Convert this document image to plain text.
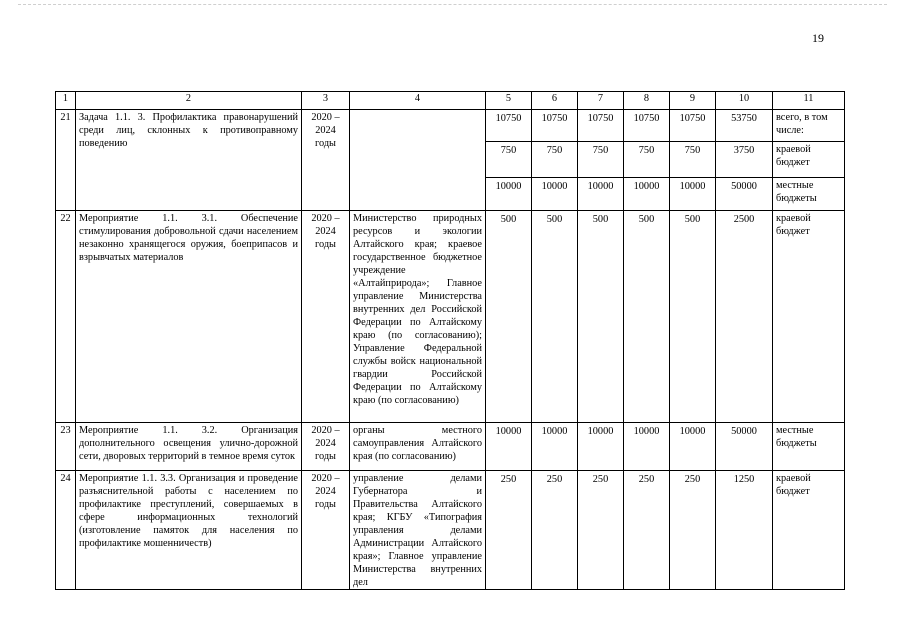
19
1	2	3	4	5	6	7	8	9	10	11
21	Задача 1.1. 3. Профилактика правонарушений среди лиц, склонных к противоправному поведению	2020 – 2024 годы		10750	10750	10750	10750	10750	53750	всего, в том числе:
				750	750	750	750	750	3750	краевой бюджет
				10000	10000	10000	10000	10000	50000	местные бюджеты
22	Мероприятие 1.1. 3.1. Обеспечение стимулирования добровольной сдачи населением незаконно хранящегося оружия, боеприпасов и взрывчатых материалов	2020 – 2024 годы	Министерство природных ресурсов и экологии Алтайского края; краевое государственное бюджетное учреждение «Алтайприрода»; Главное управление Министерства внутренних дел Российской Федерации по Алтайскому краю (по согласованию); Управление Федеральной службы войск национальной гвардии Российской Федерации по Алтайскому краю (по согласованию)	500	500	500	500	500	2500	краевой бюджет
23	Мероприятие 1.1. 3.2. Организация дополнительного освещения улично-дорожной сети, дворовых территорий в темное время суток	2020 – 2024 годы	органы местного самоуправления Алтайского края (по согласованию)	10000	10000	10000	10000	10000	50000	местные бюджеты
24	Мероприятие 1.1. 3.3. Организация и проведение разъяснительной работы с населением по профилактике преступлений, совершаемых в сфере информационных технологий (изготовление памяток для населения по профилактике мошенничеств)	2020 – 2024 годы	управление делами Губернатора и Правительства Алтайского края; КГБУ «Типография управления делами Администрации Алтайского края»; Главное управление Министерства внутренних дел	250	250	250	250	250	1250	краевой бюджет
